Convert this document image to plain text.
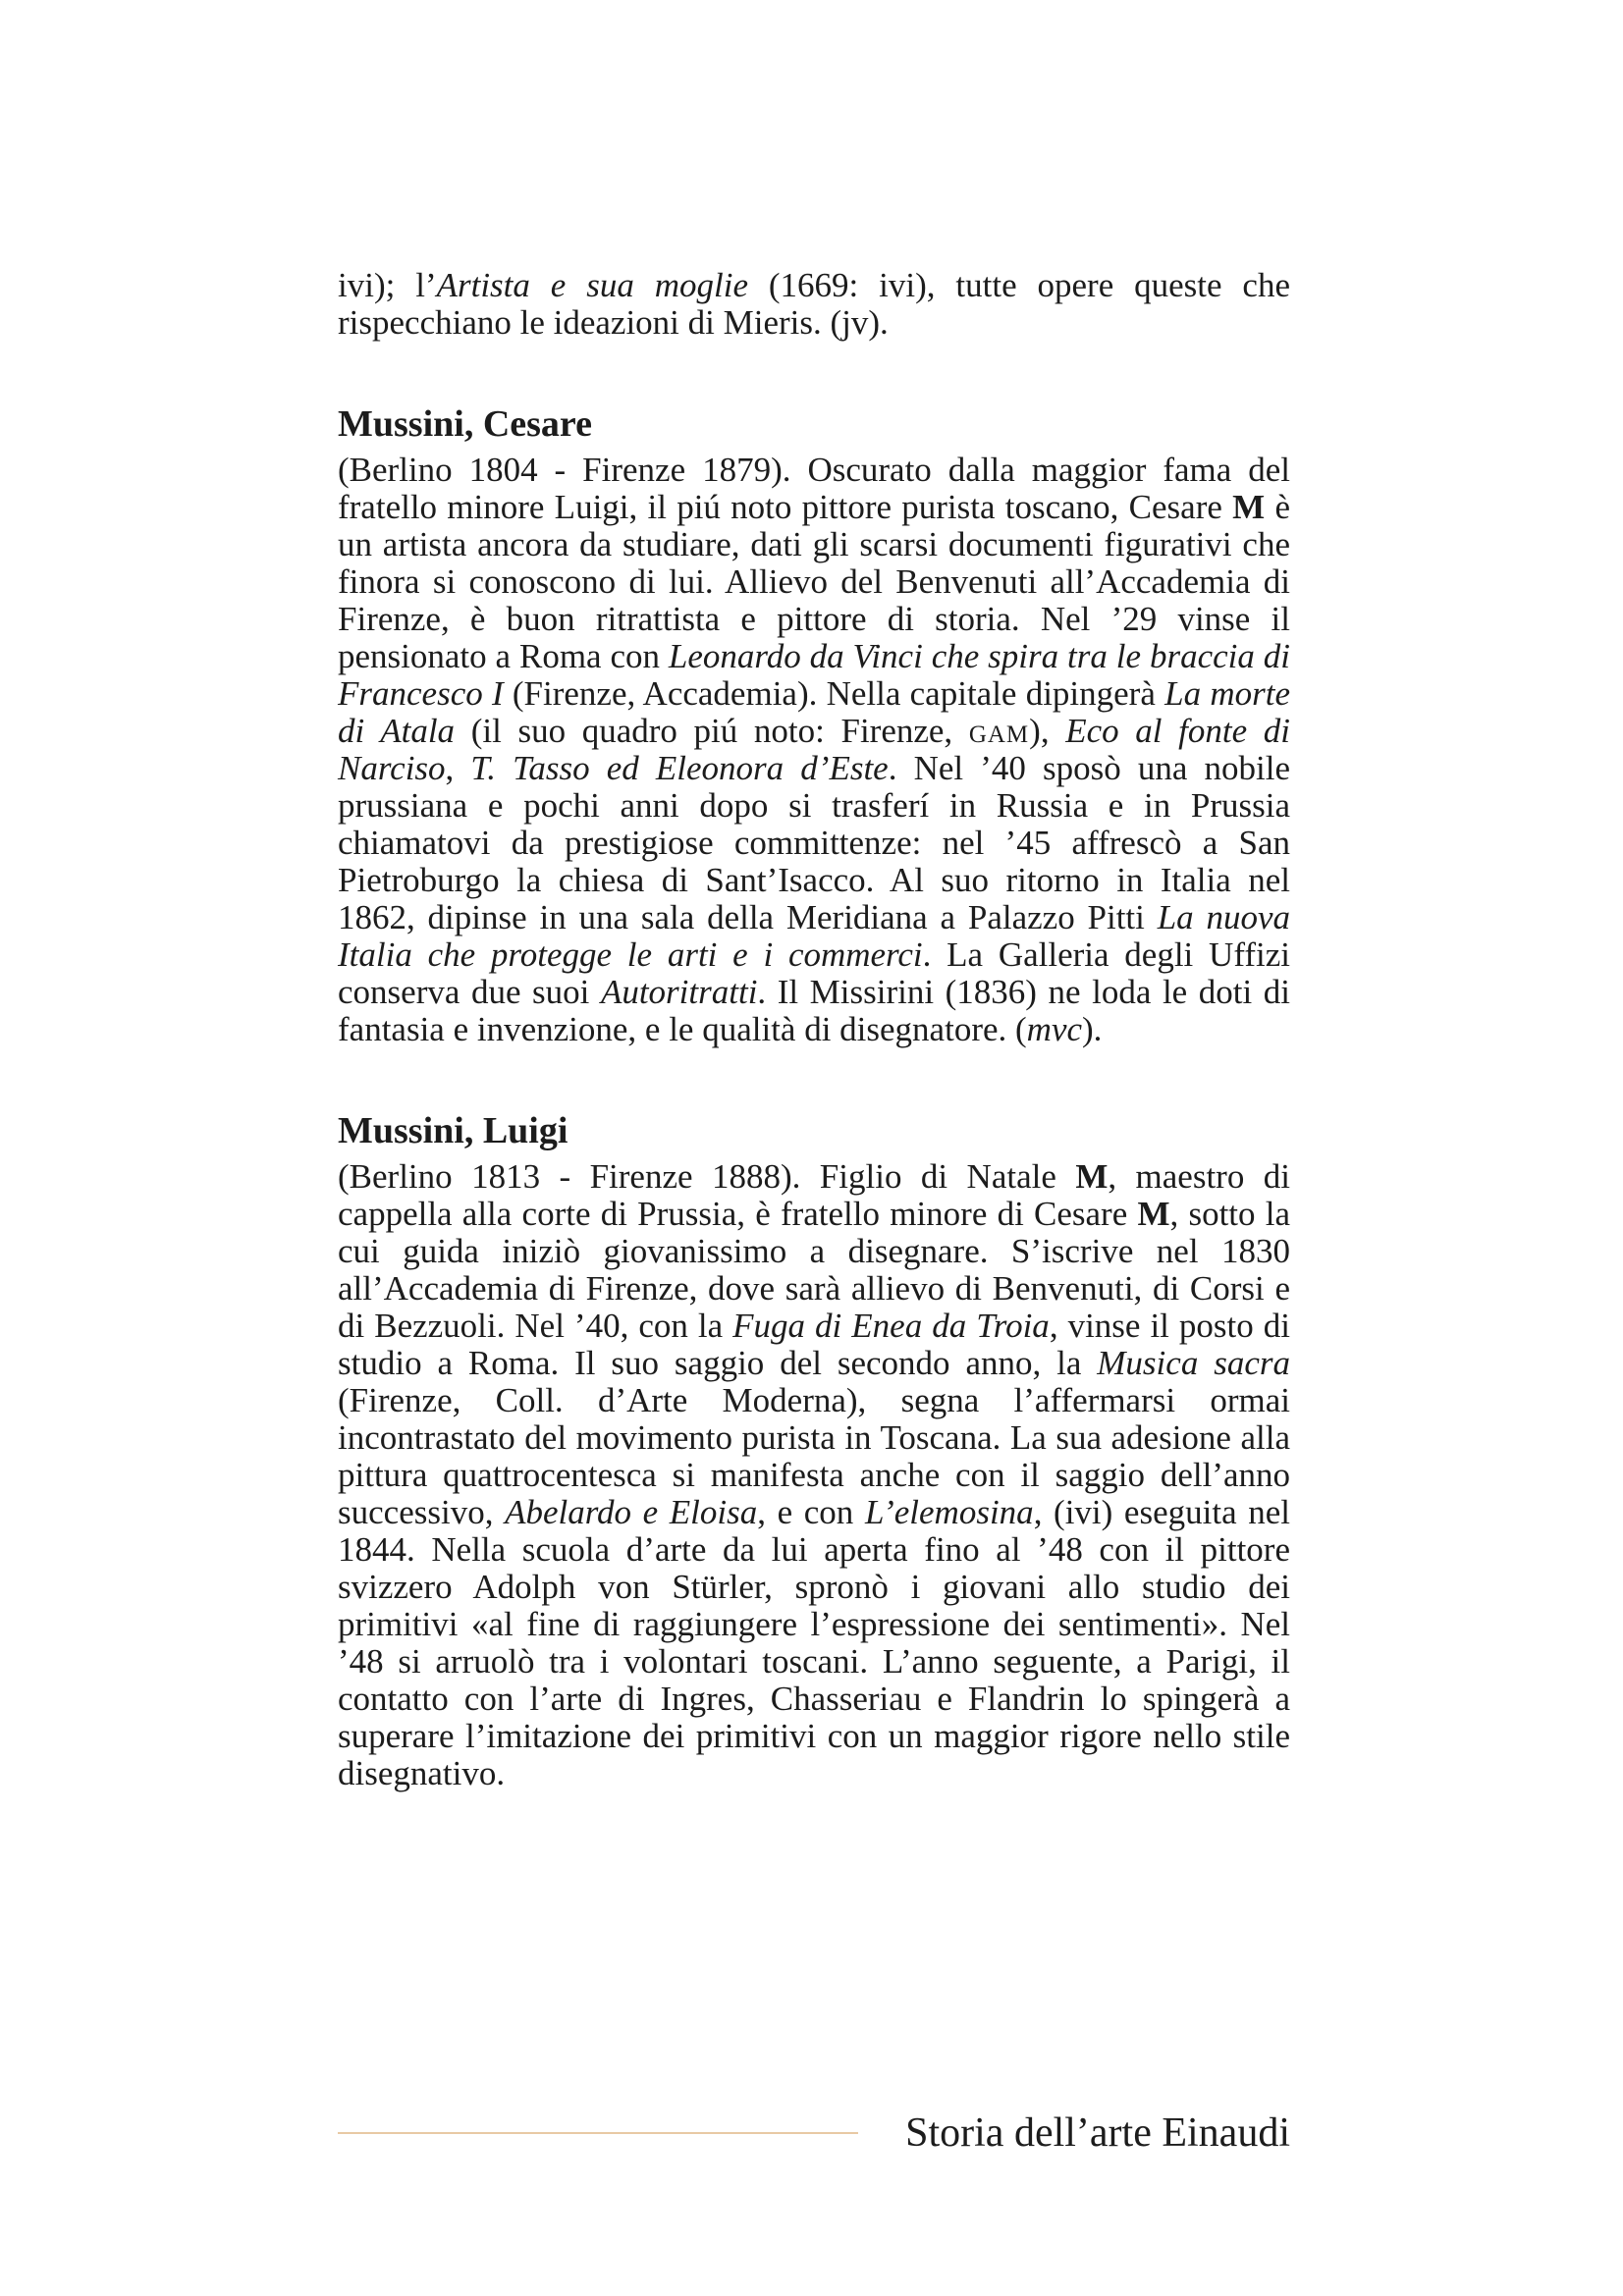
ivi); l’Artista e sua moglie (1669: ivi), tutte opere queste che rispecchiano le ideazioni di Mieris. (jv).

Mussini, Cesare

(Berlino 1804 - Firenze 1879). Oscurato dalla maggior fama del fratello minore Luigi, il piú noto pittore purista toscano, Cesare M è un artista ancora da studiare, dati gli scarsi documenti figurativi che finora si conoscono di lui. Allievo del Benvenuti all’Accademia di Firenze, è buon ritrattista e pittore di storia. Nel ’29 vinse il pensionato a Roma con Leonardo da Vinci che spira tra le braccia di Francesco I (Firenze, Accademia). Nella capitale dipingerà La morte di Atala (il suo quadro piú noto: Firenze, gam), Eco al fonte di Narciso, T. Tasso ed Eleonora d’Este. Nel ’40 sposò una nobile prussiana e pochi anni dopo si trasferí in Russia e in Prussia chiamatovi da prestigiose committenze: nel ’45 affrescò a San Pietroburgo la chiesa di Sant’Isacco. Al suo ritorno in Italia nel 1862, dipinse in una sala della Meridiana a Palazzo Pitti La nuova Italia che protegge le arti e i commerci. La Galleria degli Uffizi conserva due suoi Autoritratti. Il Missirini (1836) ne loda le doti di fantasia e invenzione, e le qualità di disegnatore. (mvc).

Mussini, Luigi

(Berlino 1813 - Firenze 1888). Figlio di Natale M, maestro di cappella alla corte di Prussia, è fratello minore di Cesare M, sotto la cui guida iniziò giovanissimo a disegnare. S’iscrive nel 1830 all’Accademia di Firenze, dove sarà allievo di Benvenuti, di Corsi e di Bezzuoli. Nel ’40, con la Fuga di Enea da Troia, vinse il posto di studio a Roma. Il suo saggio del secondo anno, la Musica sacra (Firenze, Coll. d’Arte Moderna), segna l’affermarsi ormai incontrastato del movimento purista in Toscana. La sua adesione alla pittura quattrocentesca si manifesta anche con il saggio dell’anno successivo, Abelardo e Eloisa, e con L’elemosina, (ivi) eseguita nel 1844. Nella scuola d’arte da lui aperta fino al ’48 con il pittore svizzero Adolph von Stürler, spronò i giovani allo studio dei primitivi «al fine di raggiungere l’espressione dei sentimenti». Nel ’48 si arruolò tra i volontari toscani. L’anno seguente, a Parigi, il contatto con l’arte di Ingres, Chasseriau e Flandrin lo spingerà a superare l’imitazione dei primitivi con un maggior rigore nello stile disegnativo.

Storia dell’arte Einaudi
